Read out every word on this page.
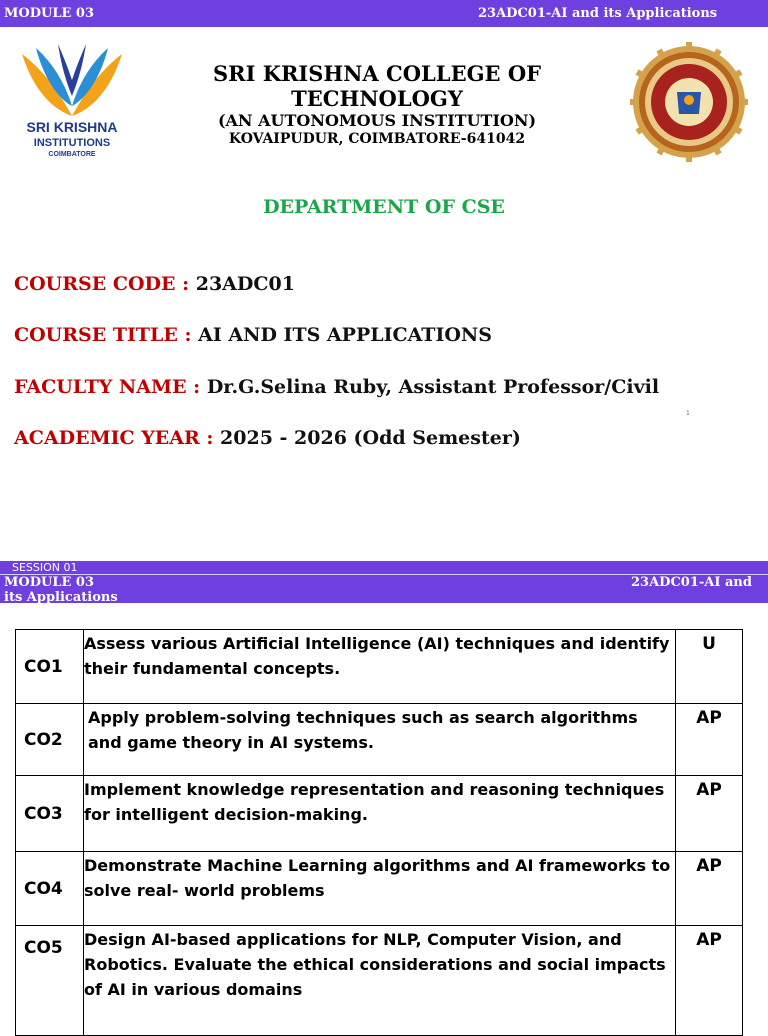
MODULE 03	23ADC01-AI and its Applications
SRI KRISHNA
INSTITUTIONS
COIMBATORE
SRI KRISHNA COLLEGE OF TECHNOLOGY
(AN AUTONOMOUS INSTITUTION)
KOVAIPUDUR, COIMBATORE-641042
DEPARTMENT OF CSE
COURSE CODE : 23ADC01
COURSE TITLE : AI AND ITS APPLICATIONS
FACULTY NAME : Dr.G.Selina Ruby, Assistant Professor/Civil
ACADEMIC YEAR : 2025 - 2026 (Odd Semester)
1
SESSION 01
MODULE 03	23ADC01-AI and
its Applications
CO1	Assess various Artificial Intelligence (AI) techniques and identify their fundamental concepts.	U
CO2	Apply problem-solving techniques such as search algorithms and game theory in AI systems.	AP
CO3	Implement knowledge representation and reasoning techniques for intelligent decision-making.	AP
CO4	Demonstrate Machine Learning algorithms and AI frameworks to solve real- world problems	AP
CO5	Design AI-based applications for NLP, Computer Vision, and Robotics. Evaluate the ethical considerations and social impacts of AI in various domains	AP
